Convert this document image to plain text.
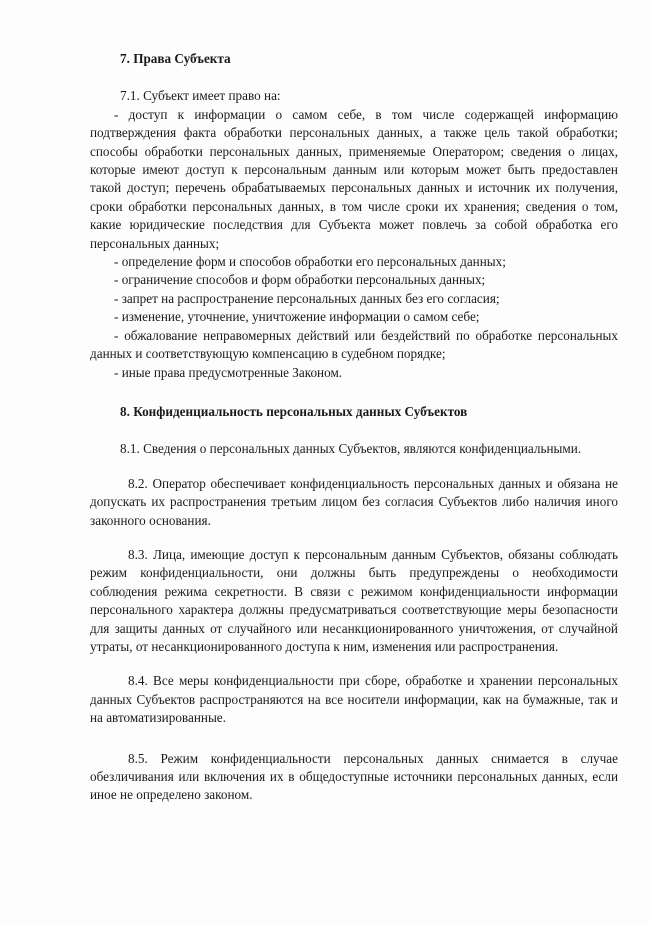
7. Права Субъекта

7.1. Субъект имеет право на:

- доступ к информации о самом себе, в том числе содержащей информацию подтверждения факта обработки персональных данных, а также цель такой обработки; способы обработки персональных данных, применяемые Оператором; сведения о лицах, которые имеют доступ к персональным данным или которым может быть предоставлен такой доступ; перечень обрабатываемых персональных данных и источник их получения, сроки обработки персональных данных, в том числе сроки их хранения; сведения о том, какие юридические последствия для Субъекта может повлечь за собой обработка его персональных данных;

- определение форм и способов обработки его персональных данных;

- ограничение способов и форм обработки персональных данных;

- запрет на распространение персональных данных без его согласия;

- изменение, уточнение, уничтожение информации о самом себе;

- обжалование неправомерных действий или бездействий по обработке персональных данных и соответствующую компенсацию в судебном порядке;

- иные права предусмотренные Законом.

8. Конфиденциальность персональных данных Субъектов

8.1. Сведения о персональных данных Субъектов, являются конфиденциальными.

8.2. Оператор обеспечивает конфиденциальность персональных данных и обязана не допускать их распространения третьим лицом без согласия Субъектов либо наличия иного законного основания.

8.3. Лица, имеющие доступ к персональным данным Субъектов, обязаны соблюдать режим конфиденциальности, они должны быть предупреждены о необходимости соблюдения режима секретности. В связи с режимом конфиденциальности информации персонального характера должны предусматриваться соответствующие меры безопасности для защиты данных от случайного или несанкционированного уничтожения, от случайной утраты, от несанкционированного доступа к ним, изменения или распространения.

8.4. Все меры конфиденциальности при сборе, обработке и хранении персональных данных Субъектов распространяются на все носители информации, как на бумажные, так и на автоматизированные.

8.5. Режим конфиденциальности персональных данных снимается в случае обезличивания или включения их в общедоступные источники персональных данных, если иное не определено законом.
